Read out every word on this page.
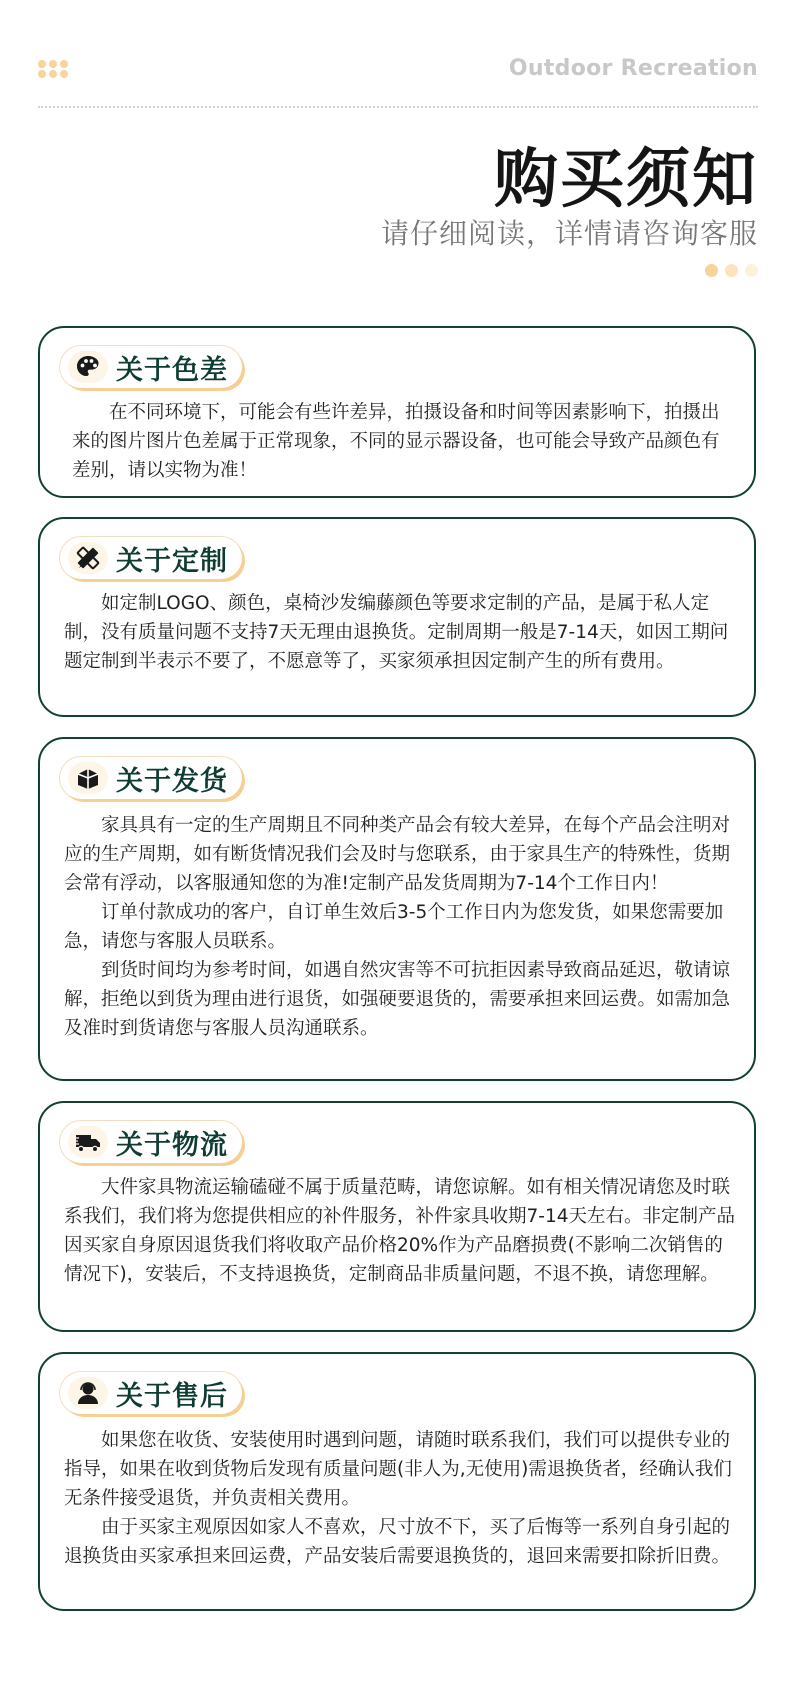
Outdoor Recreation
购买须知
请仔细阅读，详情请咨询客服
关于色差

在不同环境下，可能会有些许差异，拍摄设备和时间等因素影响下，拍摄出来的图片图片色差属于正常现象，不同的显示器设备，也可能会导致产品颜色有差别，请以实物为准！

关于定制

如定制LOGO、颜色，桌椅沙发编藤颜色等要求定制的产品，是属于私人定制，没有质量问题不支持7天无理由退换货。定制周期一般是7-14天，如因工期问题定制到半表示不要了，不愿意等了，买家须承担因定制产生的所有费用。

关于发货

家具具有一定的生产周期且不同种类产品会有较大差异，在每个产品会注明对应的生产周期，如有断货情况我们会及时与您联系，由于家具生产的特殊性，货期会常有浮动，以客服通知您的为准!定制产品发货周期为7-14个工作日内！

订单付款成功的客户，自订单生效后3-5个工作日内为您发货，如果您需要加急，请您与客服人员联系。

到货时间均为参考时间，如遇自然灾害等不可抗拒因素导致商品延迟，敬请谅解，拒绝以到货为理由进行退货，如强硬要退货的，需要承担来回运费。如需加急及准时到货请您与客服人员沟通联系。

关于物流

大件家具物流运输磕碰不属于质量范畴，请您谅解。如有相关情况请您及时联系我们，我们将为您提供相应的补件服务，补件家具收期7-14天左右。非定制产品因买家自身原因退货我们将收取产品价格20%作为产品磨损费(不影响二次销售的情况下)，安装后，不支持退换货，定制商品非质量问题，不退不换，请您理解。

关于售后

如果您在收货、安装使用时遇到问题，请随时联系我们，我们可以提供专业的指导，如果在收到货物后发现有质量问题(非人为,无使用)需退换货者，经确认我们无条件接受退货，并负责相关费用。

由于买家主观原因如家人不喜欢，尺寸放不下，买了后悔等一系列自身引起的退换货由买家承担来回运费，产品安装后需要退换货的，退回来需要扣除折旧费。
